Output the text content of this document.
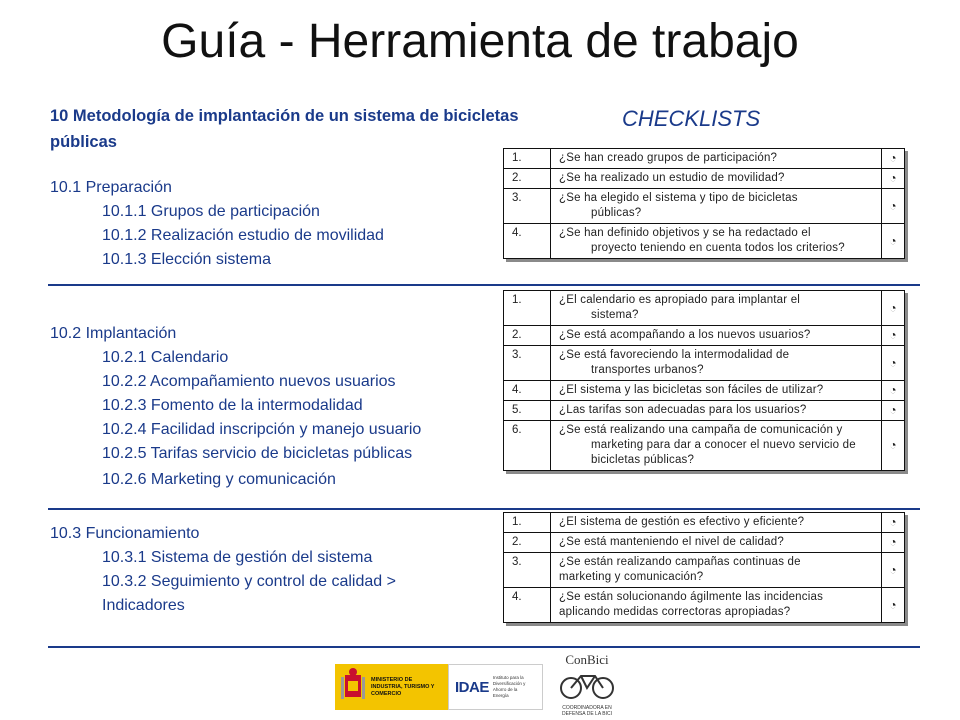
Guía - Herramienta de trabajo
10 Metodología de implantación de un sistema de bicicletas públicas
CHECKLISTS
10.1 Preparación
10.1.1 Grupos de participación
10.1.2 Realización estudio de movilidad
10.1.3 Elección sistema
10.2 Implantación
10.2.1 Calendario
10.2.2 Acompañamiento nuevos usuarios
10.2.3 Fomento de la intermodalidad
10.2.4 Facilidad inscripción y manejo usuario
10.2.5 Tarifas servicio de bicicletas públicas
10.2.6 Marketing y comunicación
10.3 Funcionamiento
10.3.1 Sistema de gestión del sistema
10.3.2 Seguimiento y control de calidad >
Indicadores
1.	¿Se han creado grupos de participación?	◔
2.	¿Se ha realizado un estudio de movilidad?	◔
3.	¿Se ha elegido el sistema y tipo de bicicletas
públicas?	◔
4.	¿Se han definido objetivos y se ha redactado el
proyecto teniendo en cuenta todos los criterios?	◔
1.	¿El calendario es apropiado para implantar el
sistema?	◔
2.	¿Se está acompañando a los nuevos usuarios?	◔
3.	¿Se está favoreciendo la intermodalidad de
transportes urbanos?	◔
4.	¿El sistema y las bicicletas son fáciles de utilizar?	◔
5.	¿Las tarifas son adecuadas para los usuarios?	◔
6.	¿Se está realizando una campaña de comunicación y
marketing para dar a conocer el nuevo servicio de bicicletas públicas?	◔
1.	¿El sistema de gestión es efectivo y eficiente?	◔
2.	¿Se está manteniendo el nivel de calidad?	◔
3.	¿Se están realizando campañas continuas de
marketing y comunicación?	◔
4.	¿Se están solucionando ágilmente las incidencias
aplicando medidas correctoras apropiadas?	◔
MINISTERIO DE INDUSTRIA, TURISMO Y COMERCIO	IDAE
Instituto para la Diversificación y Ahorro de la Energía
ConBici
COORDINADORA EN DEFENSA DE LA BICI
